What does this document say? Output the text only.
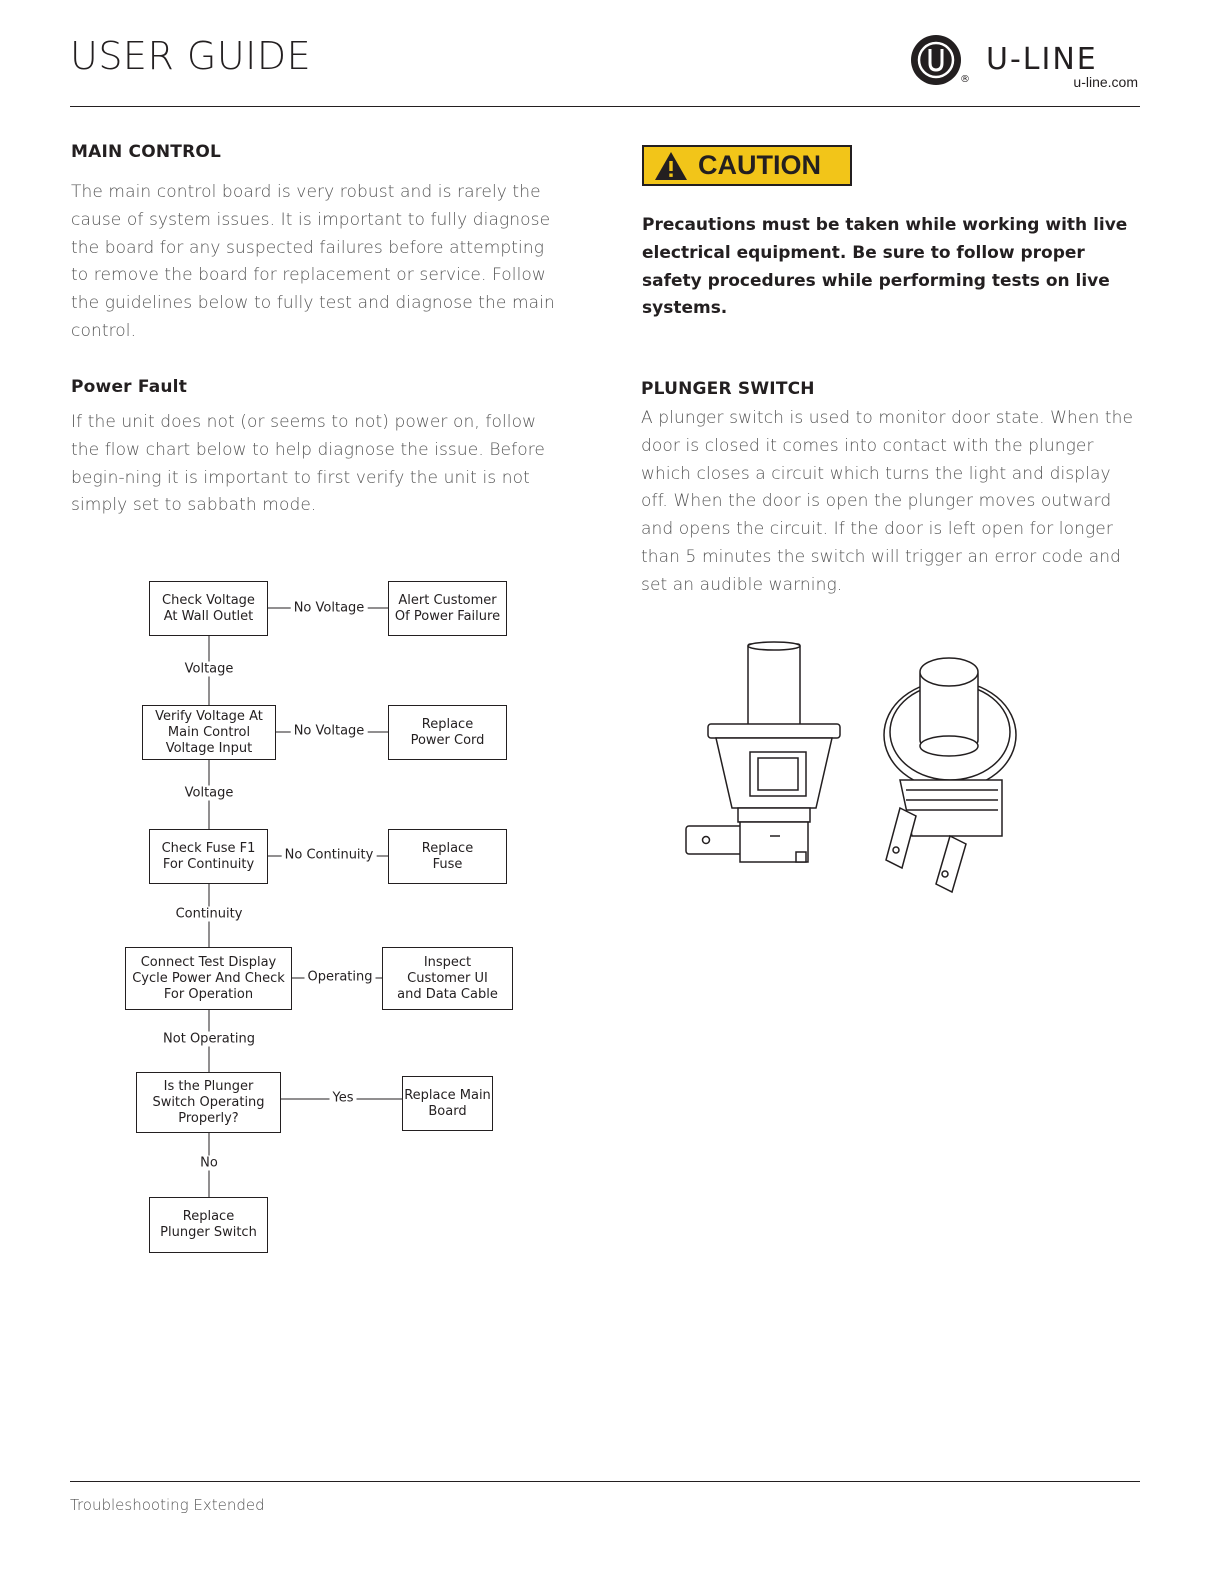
USER GUIDE
®
U-LINE
u-line.com
MAIN CONTROL
The main control board is very robust and is rarely the cause of system issues. It is important to fully diagnose the board for any suspected failures before attempting to remove the board for replacement or service. Follow the guidelines below to fully test and diagnose the main control.
Power Fault
If the unit does not (or seems to not) power on, follow the flow chart below to help diagnose the issue. Before begin-ning it is important to first verify the unit is not simply set to sabbath mode.
Check Voltage
At Wall Outlet
Verify Voltage At
Main Control
Voltage Input
Check Fuse F1
For Continuity
Connect Test Display
Cycle Power And Check
For Operation
Is the Plunger
Switch Operating
Properly?
Replace
Plunger Switch
Alert Customer
Of Power Failure
Replace
Power Cord
Replace
Fuse
Inspect
Customer UI
and Data Cable
Replace Main
Board
No Voltage
No Voltage
No Continuity
Operating
Yes
Voltage
Voltage
Continuity
Not Operating
No
CAUTION
Precautions must be taken while working with live electrical equipment. Be sure to follow proper safety procedures while performing tests on live systems.
PLUNGER SWITCH
A plunger switch is used to monitor door state. When the door is closed it comes into contact with the plunger which closes a circuit which turns the light and display off. When the door is open the plunger moves outward and opens the circuit. If the door is left open for longer than 5 minutes the switch will trigger an error code and set an audible warning.
Troubleshooting Extended
